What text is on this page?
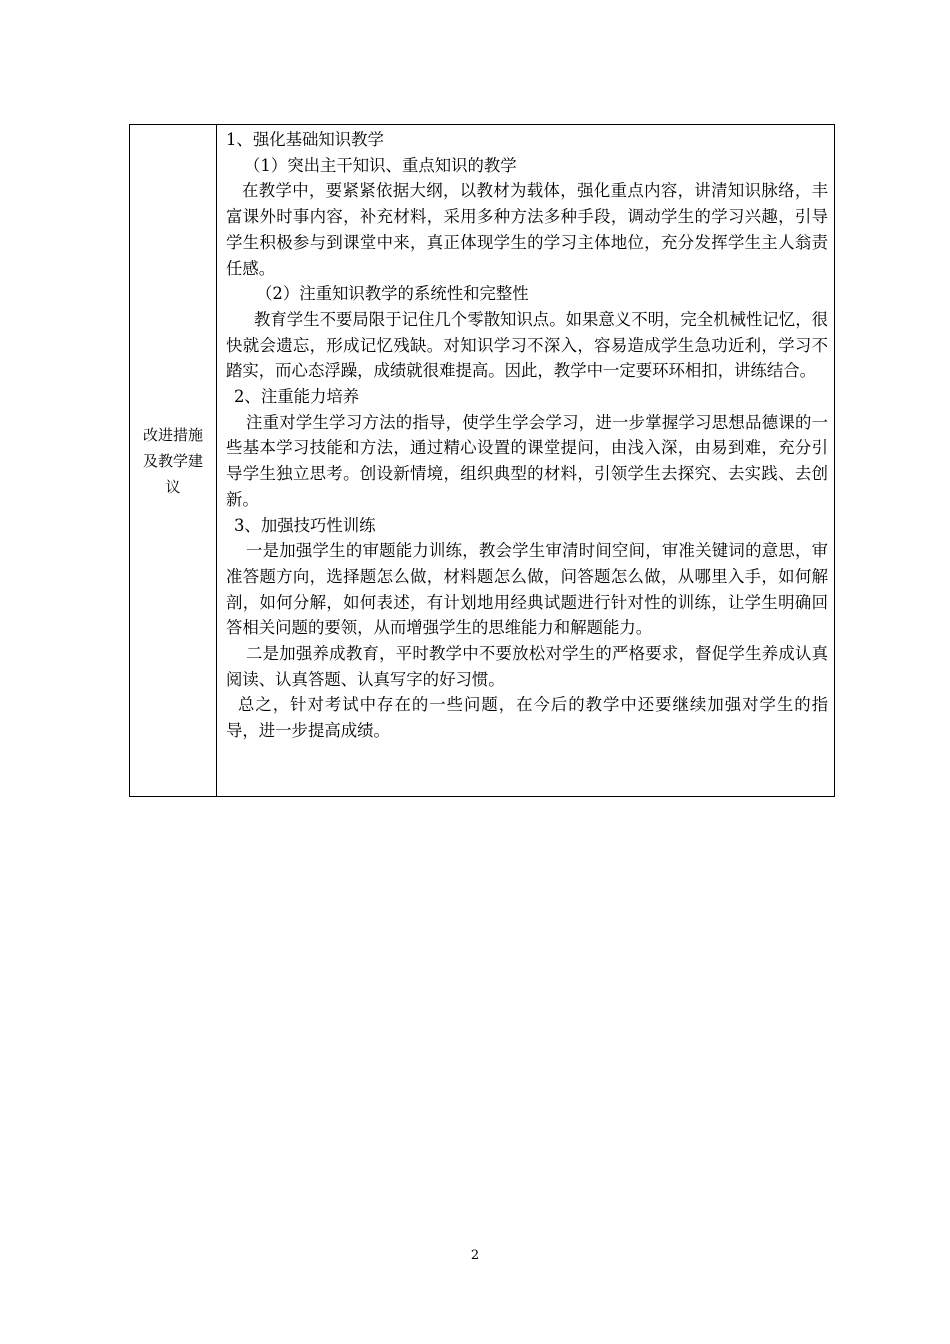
改进措施及教学建议

1、强化基础知识教学

（1）突出主干知识、重点知识的教学

在教学中，要紧紧依据大纲，以教材为载体，强化重点内容，讲清知识脉络，丰富课外时事内容，补充材料，采用多种方法多种手段，调动学生的学习兴趣，引导学生积极参与到课堂中来，真正体现学生的学习主体地位，充分发挥学生主人翁责任感。

（2）注重知识教学的系统性和完整性

教育学生不要局限于记住几个零散知识点。如果意义不明，完全机械性记忆，很快就会遗忘，形成记忆残缺。对知识学习不深入，容易造成学生急功近利，学习不踏实，而心态浮躁，成绩就很难提高。因此，教学中一定要环环相扣，讲练结合。

2、注重能力培养

注重对学生学习方法的指导，使学生学会学习，进一步掌握学习思想品德课的一些基本学习技能和方法，通过精心设置的课堂提问，由浅入深，由易到难，充分引导学生独立思考。创设新情境，组织典型的材料，引领学生去探究、去实践、去创新。

3、加强技巧性训练

一是加强学生的审题能力训练，教会学生审清时间空间，审准关键词的意思，审准答题方向，选择题怎么做，材料题怎么做，问答题怎么做，从哪里入手，如何解剖，如何分解，如何表述，有计划地用经典试题进行针对性的训练，让学生明确回答相关问题的要领，从而增强学生的思维能力和解题能力。

二是加强养成教育，平时教学中不要放松对学生的严格要求，督促学生养成认真阅读、认真答题、认真写字的好习惯。

总之，针对考试中存在的一些问题，在今后的教学中还要继续加强对学生的指导，进一步提高成绩。

2
